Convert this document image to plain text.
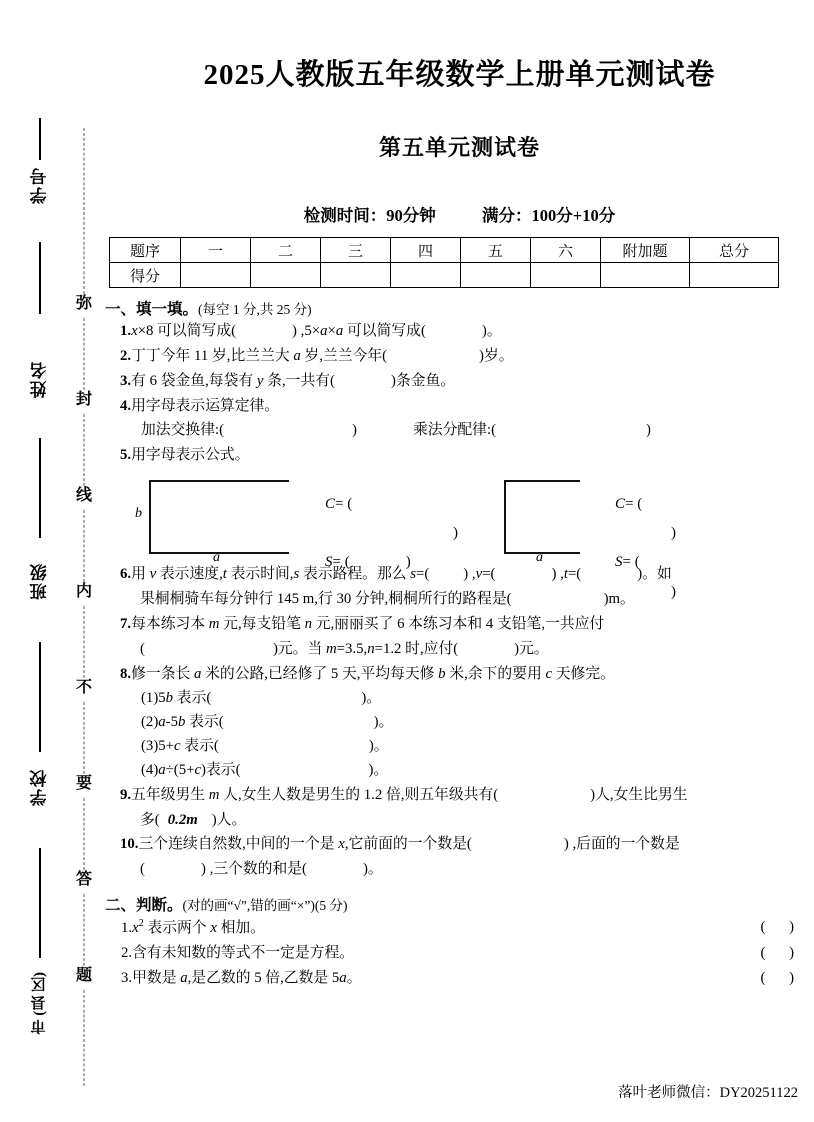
学号
姓名
班级
学校
市 (县 区)
弥
封
线
内
不
要
答
题
2025人教版五年级数学上册单元测试卷
第五单元测试卷
检测时间：90分钟	满分：100分+10分
题序	一	二	三	四	五	六	附加题	总分
得分								
一、填一填。(每空 1 分,共 25 分)
1.x×8 可以简写成(	) ,5×a×a 可以简写成(	)。
2.丁丁今年 11 岁,比兰兰大 a 岁,兰兰今年(	)岁。
3.有 6 袋金鱼,每袋有 y 条,一共有(	)条金鱼。
4.用字母表示运算定律。
加法交换律:(	)	乘法分配律:(	)
5.用字母表示公式。
b
a
C= ()
S= (	)	a
C= ()
S= ()
6.用 v 表示速度,t 表示时间,s 表示路程。那么 s=( ) ,v=(	) ,t=(	)。如
果桐桐骑车每分钟行 145 m,行 30 分钟,桐桐所行的路程是(	)m。
7.每本练习本 m 元,每支铅笔 n 元,丽丽买了 6 本练习本和 4 支铅笔,一共应付
(	)元。当 m=3.5,n=1.2 时,应付(	)元。
8.修一条长 a 米的公路,已经修了 5 天,平均每天修 b 米,余下的要用 c 天修完。
(1)5b 表示(	)。
(2)a-5b 表示(	)。
(3)5+c 表示(	)。
(4)a÷(5+c)表示(	)。
9.五年级男生 m 人,女生人数是男生的 1.2 倍,则五年级共有(	)人,女生比男生
多( 0.2m )人。
10.三个连续自然数,中间的一个是 x,它前面的一个数是(	) ,后面的一个数是
(	) ,三个数的和是(	)。
二、判断。(对的画“√”,错的画“×”)(5 分)
$1.x^2$ 表示两个 x 相加。	( )
2.含有未知数的等式不一定是方程。	( )
3.甲数是 a,是乙数的 5 倍,乙数是 5a。	( )
落叶老师微信：DY20251122
